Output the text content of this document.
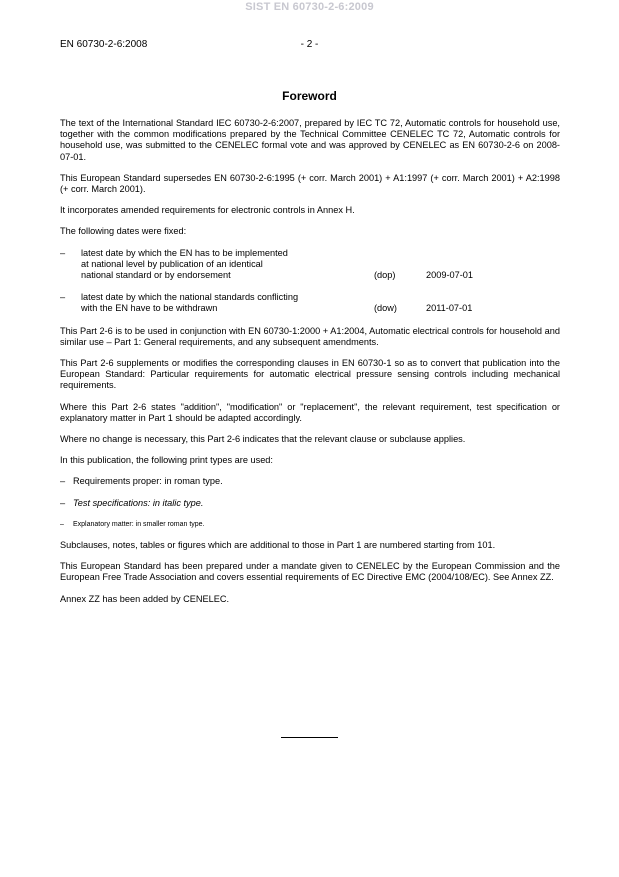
SIST EN 60730-2-6:2009
EN 60730-2-6:2008	- 2 -
Foreword

The text of the International Standard IEC 60730-2-6:2007, prepared by IEC TC 72, Automatic controls for household use, together with the common modifications prepared by the Technical Committee CENELEC TC 72, Automatic controls for household use, was submitted to the CENELEC formal vote and was approved by CENELEC as EN 60730-2-6 on 2008-07-01.

This European Standard supersedes EN 60730-2-6:1995 (+ corr. March 2001) + A1:1997 (+ corr. March 2001) + A2:1998 (+ corr. March 2001).

It incorporates amended requirements for electronic controls in Annex H.

The following dates were fixed:

–	latest date by which the EN has to be implemented
at national level by publication of an identical
national standard or by endorsement	(dop)	2009-07-01
–	latest date by which the national standards conflicting
with the EN have to be withdrawn	(dow)	2011-07-01

This Part 2-6 is to be used in conjunction with EN 60730-1:2000 + A1:2004, Automatic electrical controls for household and similar use – Part 1: General requirements, and any subsequent amendments.

This Part 2-6 supplements or modifies the corresponding clauses in EN 60730-1 so as to convert that publication into the European Standard: Particular requirements for automatic electrical pressure sensing controls including mechanical requirements.

Where this Part 2-6 states "addition", "modification" or "replacement", the relevant requirement, test specification or explanatory matter in Part 1 should be adapted accordingly.

Where no change is necessary, this Part 2-6 indicates that the relevant clause or subclause applies.

In this publication, the following print types are used:

– Requirements proper: in roman type.
– Test specifications: in italic type.
–	Explanatory matter: in smaller roman type.

Subclauses, notes, tables or figures which are additional to those in Part 1 are numbered starting from 101.

This European Standard has been prepared under a mandate given to CENELEC by the European Commission and the European Free Trade Association and covers essential requirements of EC Directive EMC (2004/108/EC). See Annex ZZ.

Annex ZZ has been added by CENELEC.
